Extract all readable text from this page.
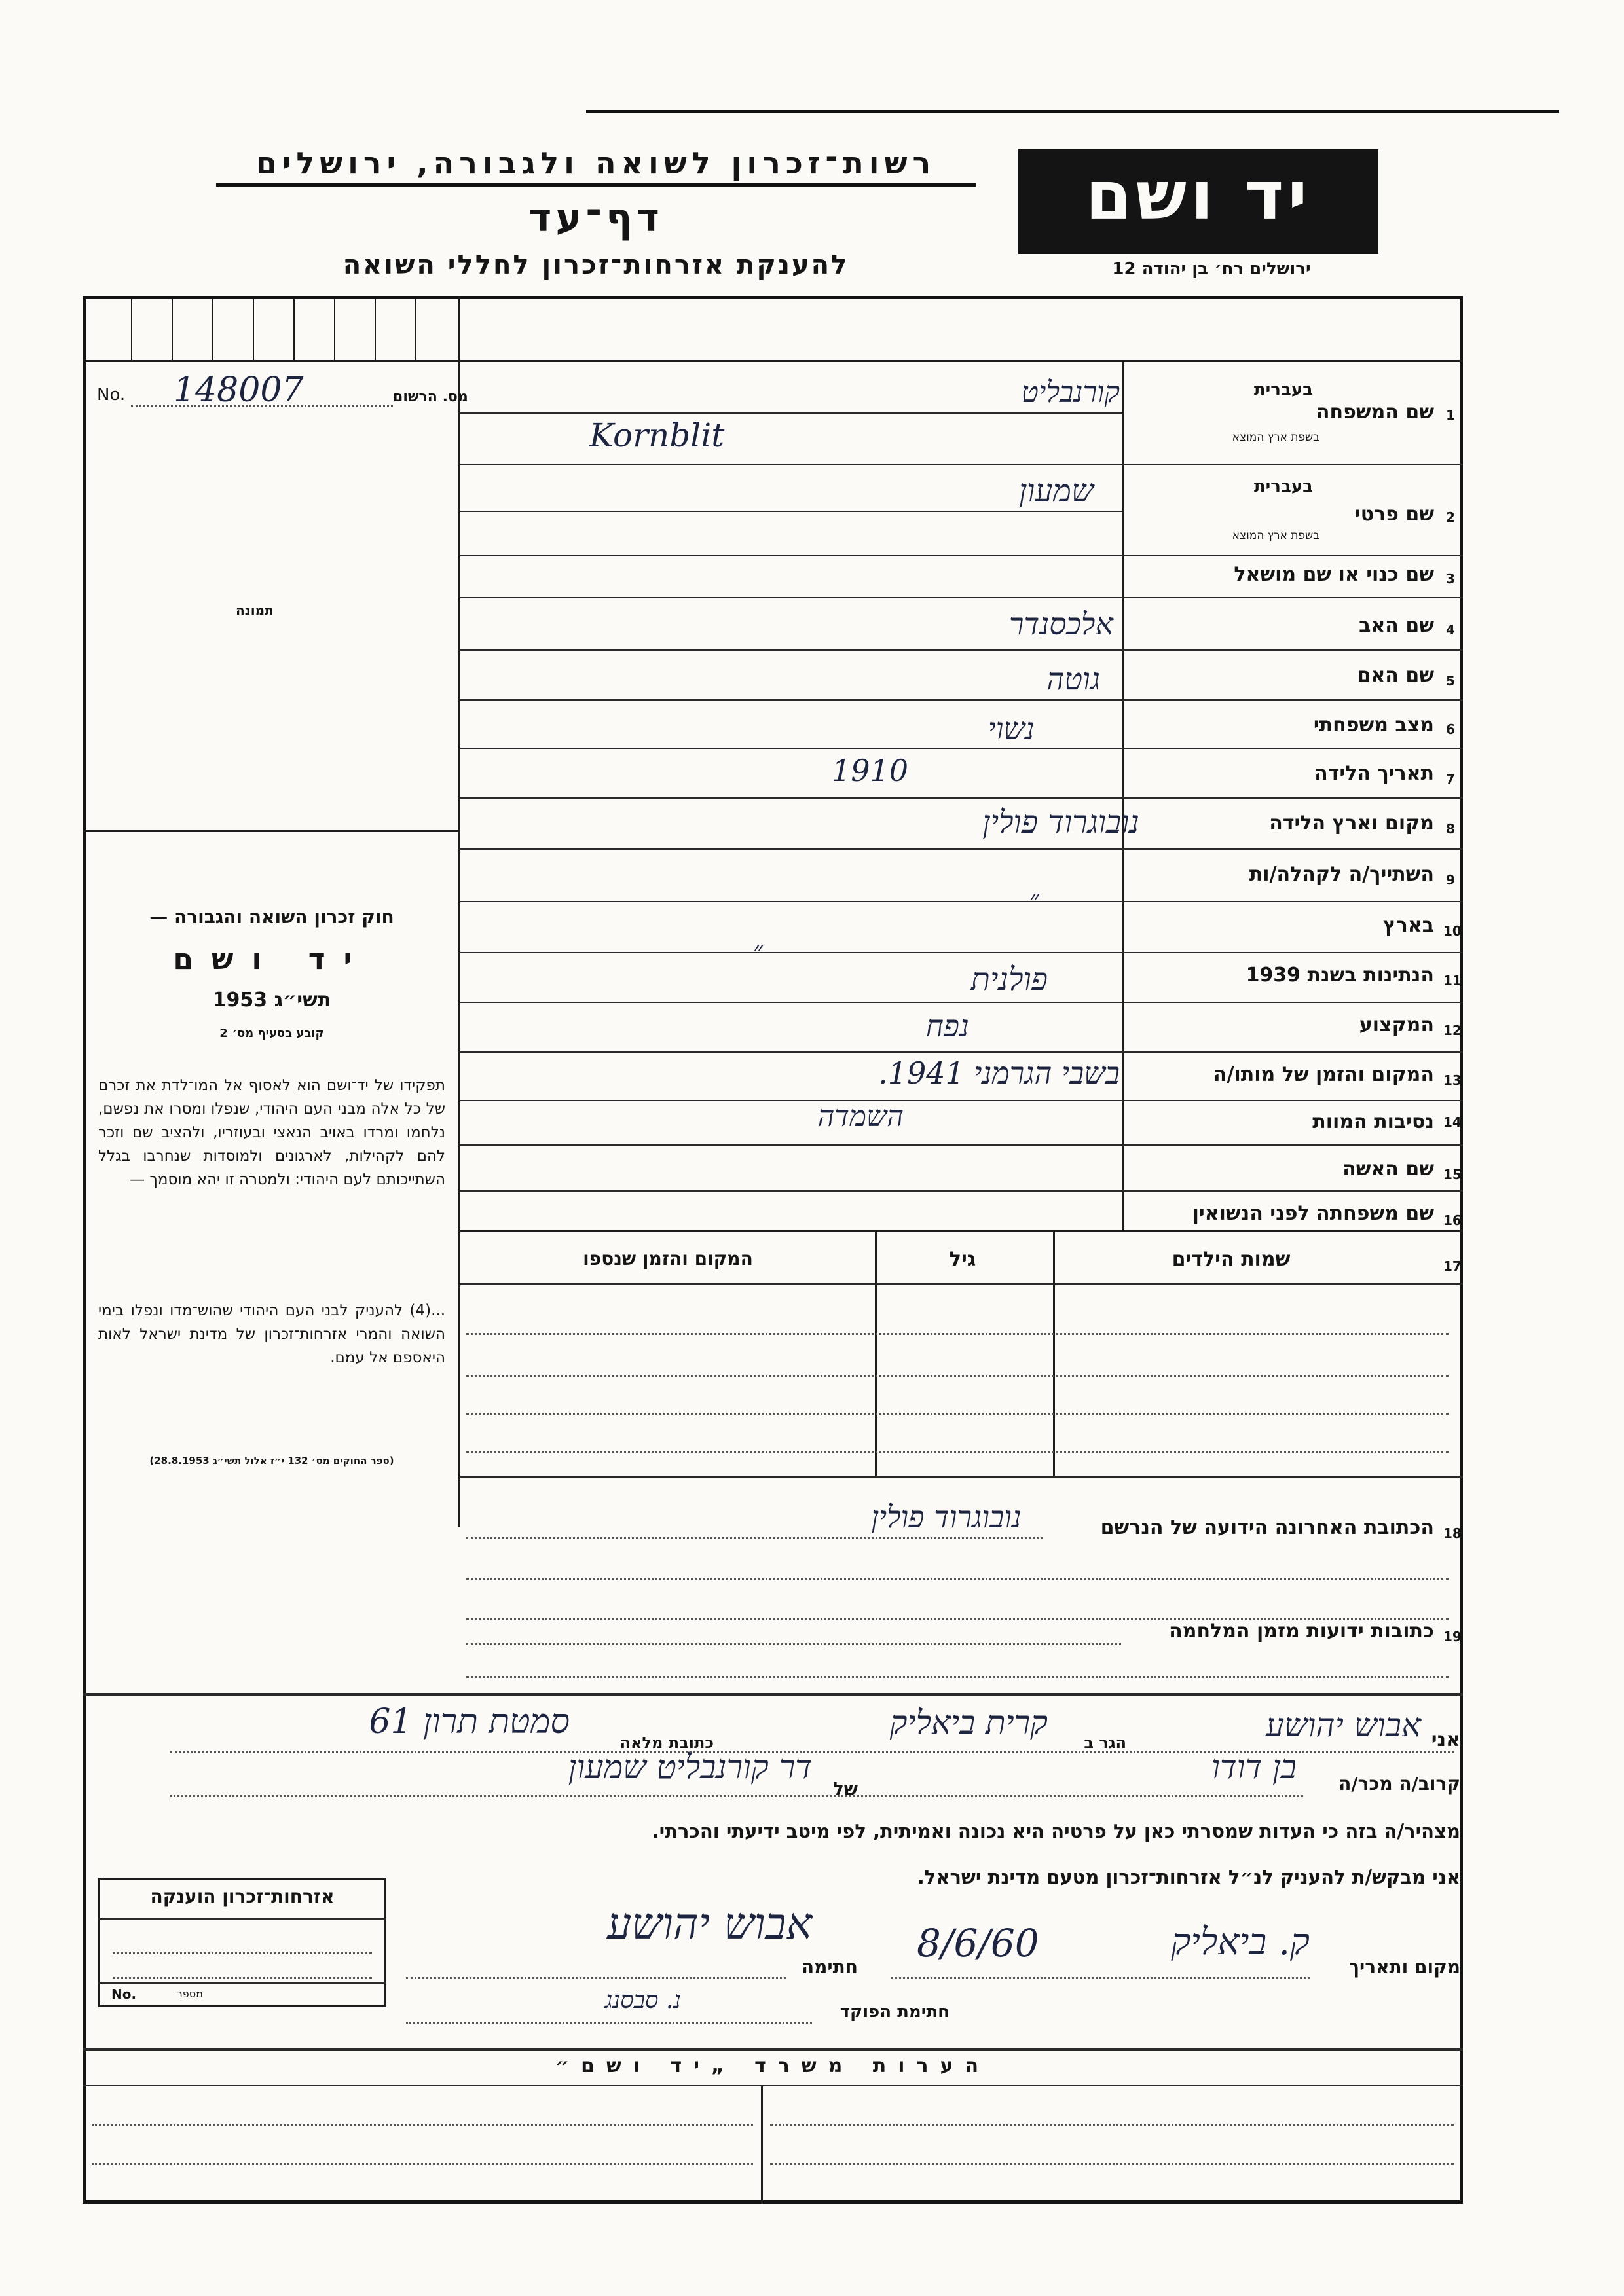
רשות־זכרון לשואה ולגבורה, ירושלים
דף־עד
להענקת אזרחות־זכרון לחללי השואה
יד ושם
ירושלים רח׳ בן יהודה 12
No. 148007	מס. הרשום
תמונה
1
שם המשפחה
בעברית
בשפת ארץ המוצא
קורנבליט
Kornblit
2
שם פרטי
בעברית
בשפת ארץ המוצא
שמעון
3
שם כנוי או שם מושאל
4
שם האב
אלכסנדר
5
שם האם
גוטה
6
מצב משפחתי
נשוי
7
תאריך הלידה
1910
8
מקום וארץ הלידה
נובוגרוד פולין
9
השתייך/ה לקהלה/ות
״
10
בארץ
״
11
הנתינות בשנת 1939
פולנית
12
המקצוע
נפח
13
המקום והזמן של מותו/ה
בשבי הגרמני 1941.
14
נסיבות המוות
השמדה
15
שם האשה
16
שם משפחתה לפני הנשואין
חוק זכרון השואה והגבורה —
יד ושם
תשי״ג 1953
קובע בסעיף מס׳ 2
תפקידו של יד־ושם הוא לאסוף אל המו־לדת את זכרם של כל אלה מבני העם היהודי, שנפלו ומסרו את נפשם, נלחמו ומרדו באויב הנאצי ובעוזריו, ולהציב שם וזכר להם לקהילות, לארגונים ולמוסדות שנחרבו בגלל השתייכותם לעם היהודי: ולמטרה זו יהא מוסמך —
...(4) להעניק לבני העם היהודי שהוש־מדו ונפלו בימי השואה והמרי אזרחות־זכרון של מדינת ישראל לאות היאספם אל עמם.
(ספר החוקים מס׳ 132 י״ז אלול תשי״ג 28.8.1953)
17
שמות הילדים
גיל
המקום והזמן שנספו
18
הכתובת האחרונה הידועה של הנרשם
נובוגרוד פולין
19
כתובות ידועות מזמן המלחמה
אני
אבוש יהושע
הגר ב
קרית ביאליק
כתובת מלאה
סמטת תרון 61
קרוב/ה מכר/ה
בן דודו
של
דר קורנבליט שמעון
מצהיר/ה בזה כי העדות שמסרתי כאן על פרטיה היא נכונה ואמיתית, לפי מיטב ידיעתי והכרתי.
אני מבקש/ת להעניק לנ״ל אזרחות־זכרון מטעם מדינת ישראל.
מקום ותאריך
ק. ביאליק
8/6/60
חתימה
אבוש יהושע
חתימת הפוקד
נ. סבסנג
אזרחות־זכרון הוענקה
No.	מספר
הערות משרד „יד ושם״
